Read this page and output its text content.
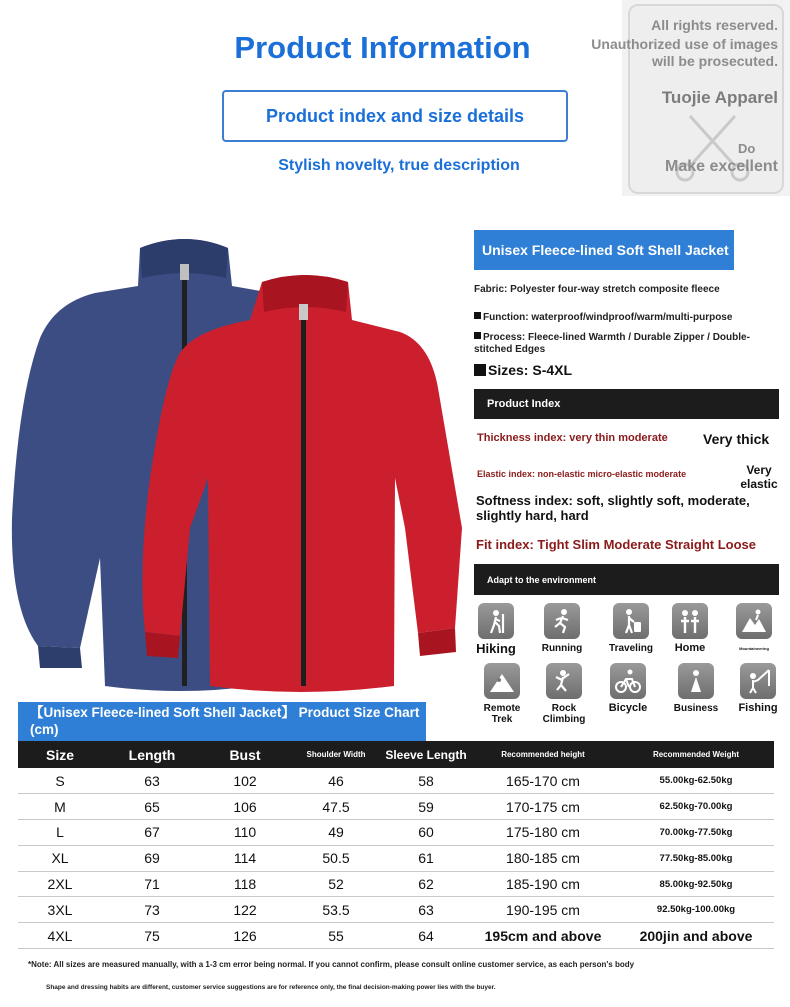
Product Information
Product index and size details
Stylish novelty, true description
All rights reserved.
Unauthorized use of images
will be prosecuted.
Tuojie Apparel
Do
Make excellent
Unisex Fleece-lined Soft Shell Jacket
Fabric: Polyester four-way stretch composite fleece
Function: waterproof/windproof/warm/multi-purpose
Process: Fleece-lined Warmth / Durable Zipper / Double-stitched Edges
Sizes: S-4XL
Product Index
Thickness index: very thin moderate	Very thick
Elastic index: non-elastic micro-elastic moderate	Very elastic
Softness index: soft, slightly soft, moderate, slightly hard, hard
Fit index: Tight Slim Moderate Straight Loose
Adapt to the environment
Hiking	Running	Traveling	Home	Mountaineering
Remote Trek
Rock Climbing
Bicycle	Business	Fishing
【Unisex Fleece-lined Soft Shell Jacket】 Product Size Chart (cm)
Size	Length	Bust	Shoulder Width	Sleeve Length	Recommended height	Recommended Weight
S	63	102	46	58	165-170 cm	55.00kg-62.50kg
M	65	106	47.5	59	170-175 cm	62.50kg-70.00kg
L	67	110	49	60	175-180 cm	70.00kg-77.50kg
XL	69	114	50.5	61	180-185 cm	77.50kg-85.00kg
2XL	71	118	52	62	185-190 cm	85.00kg-92.50kg
3XL	73	122	53.5	63	190-195 cm	92.50kg-100.00kg
4XL	75	126	55	64	195cm and above	200jin and above
*Note: All sizes are measured manually, with a 1-3 cm error being normal. If you cannot confirm, please consult online customer service, as each person's body
Shape and dressing habits are different, customer service suggestions are for reference only, the final decision-making power lies with the buyer.
